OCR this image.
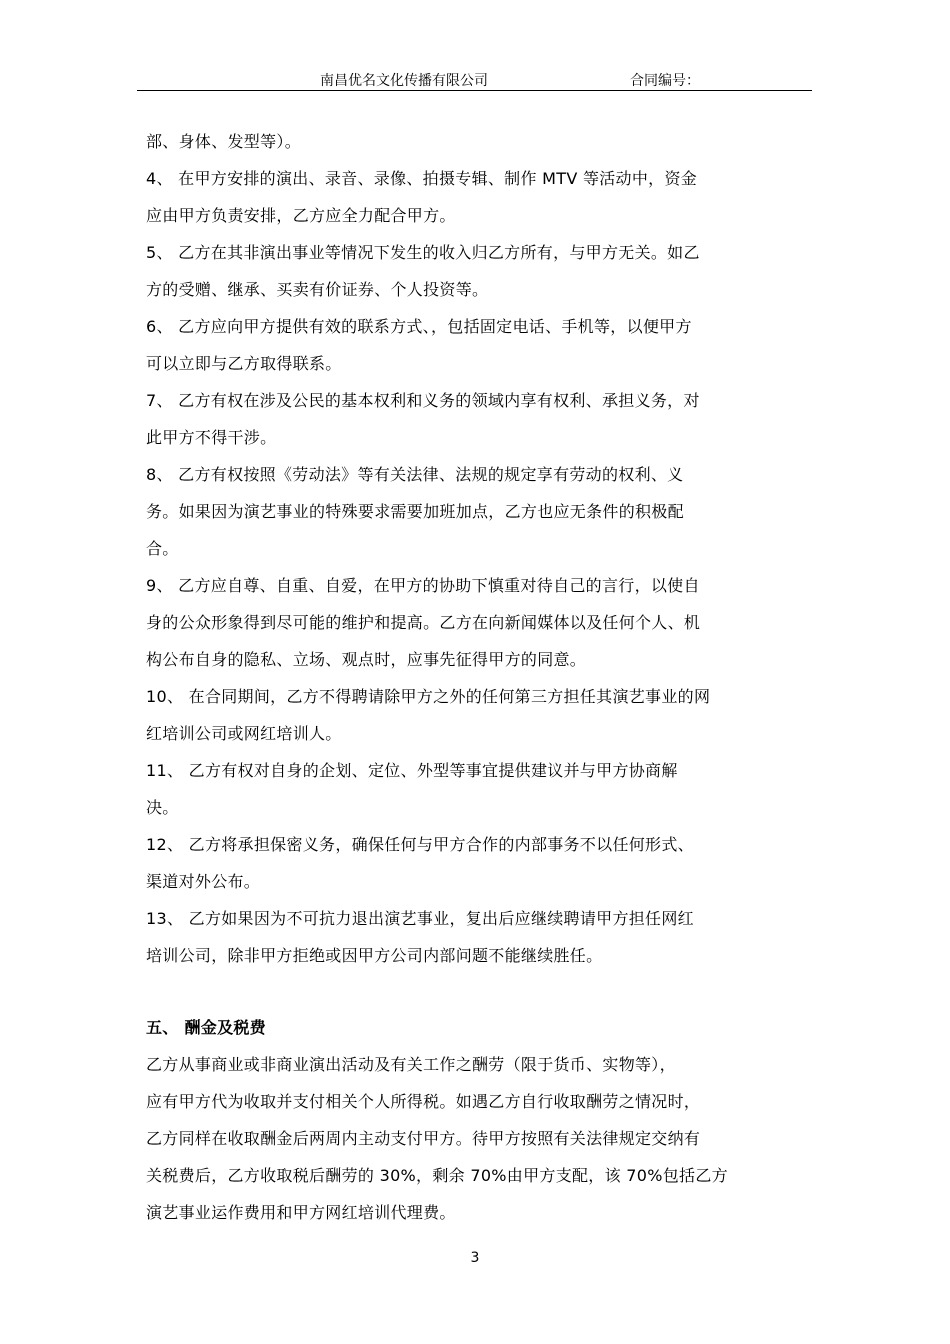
南昌优名文化传播有限公司	合同编号：
部、身体、发型等）。
4、 在甲方安排的演出、录音、录像、拍摄专辑、制作 MTV 等活动中，资金
应由甲方负责安排，乙方应全力配合甲方。
5、 乙方在其非演出事业等情况下发生的收入归乙方所有，与甲方无关。如乙
方的受赠、继承、买卖有价证券、个人投资等。
6、 乙方应向甲方提供有效的联系方式、，包括固定电话、手机等，以便甲方
可以立即与乙方取得联系。
7、 乙方有权在涉及公民的基本权利和义务的领域内享有权利、承担义务，对
此甲方不得干涉。
8、 乙方有权按照《劳动法》等有关法律、法规的规定享有劳动的权利、义
务。如果因为演艺事业的特殊要求需要加班加点，乙方也应无条件的积极配
合。
9、 乙方应自尊、自重、自爱，在甲方的协助下慎重对待自己的言行，以使自
身的公众形象得到尽可能的维护和提高。乙方在向新闻媒体以及任何个人、机
构公布自身的隐私、立场、观点时，应事先征得甲方的同意。
10、 在合同期间，乙方不得聘请除甲方之外的任何第三方担任其演艺事业的网
红培训公司或网红培训人。
11、 乙方有权对自身的企划、定位、外型等事宜提供建议并与甲方协商解
决。
12、 乙方将承担保密义务，确保任何与甲方合作的内部事务不以任何形式、
渠道对外公布。
13、 乙方如果因为不可抗力退出演艺事业，复出后应继续聘请甲方担任网红
培训公司，除非甲方拒绝或因甲方公司内部问题不能继续胜任。
五、 酬金及税费
乙方从事商业或非商业演出活动及有关工作之酬劳（限于货币、实物等），
应有甲方代为收取并支付相关个人所得税。如遇乙方自行收取酬劳之情况时，
乙方同样在收取酬金后两周内主动支付甲方。待甲方按照有关法律规定交纳有
关税费后，乙方收取税后酬劳的 30%，剩余 70%由甲方支配，该 70%包括乙方
演艺事业运作费用和甲方网红培训代理费。
3
